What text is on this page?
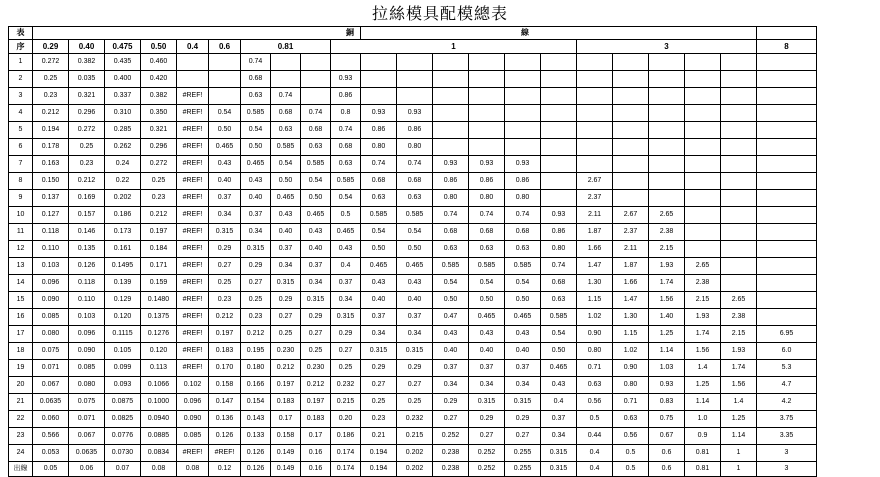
拉絲模具配模總表
表	銅										線											
序	0.29	0.40	0.475	0.50	0.4	0.6	0.81			1							3					8
1	0.272	0.382	0.435	0.460			0.74															
2	0.25	0.035	0.400	0.420			0.68			0.93												
3	0.23	0.321	0.337	0.382	#REF!		0.63	0.74		0.86												
4	0.212	0.296	0.310	0.350	#REF!	0.54	0.585	0.68	0.74	0.8	0.93	0.93										
5	0.194	0.272	0.285	0.321	#REF!	0.50	0.54	0.63	0.68	0.74	0.86	0.86										
6	0.178	0.25	0.262	0.296	#REF!	0.465	0.50	0.585	0.63	0.68	0.80	0.80										
7	0.163	0.23	0.24	0.272	#REF!	0.43	0.465	0.54	0.585	0.63	0.74	0.74	0.93	0.93	0.93							
8	0.150	0.212	0.22	0.25	#REF!	0.40	0.43	0.50	0.54	0.585	0.68	0.68	0.86	0.86	0.86		2.67					
9	0.137	0.169	0.202	0.23	#REF!	0.37	0.40	0.465	0.50	0.54	0.63	0.63	0.80	0.80	0.80		2.37					
10	0.127	0.157	0.186	0.212	#REF!	0.34	0.37	0.43	0.465	0.5	0.585	0.585	0.74	0.74	0.74	0.93	2.11	2.67	2.65			
11	0.118	0.146	0.173	0.197	#REF!	0.315	0.34	0.40	0.43	0.465	0.54	0.54	0.68	0.68	0.68	0.86	1.87	2.37	2.38			
12	0.110	0.135	0.161	0.184	#REF!	0.29	0.315	0.37	0.40	0.43	0.50	0.50	0.63	0.63	0.63	0.80	1.66	2.11	2.15			
13	0.103	0.126	0.1495	0.171	#REF!	0.27	0.29	0.34	0.37	0.4	0.465	0.465	0.585	0.585	0.585	0.74	1.47	1.87	1.93	2.65		
14	0.096	0.118	0.139	0.159	#REF!	0.25	0.27	0.315	0.34	0.37	0.43	0.43	0.54	0.54	0.54	0.68	1.30	1.66	1.74	2.38		
15	0.090	0.110	0.129	0.1480	#REF!	0.23	0.25	0.29	0.315	0.34	0.40	0.40	0.50	0.50	0.50	0.63	1.15	1.47	1.56	2.15	2.65	
16	0.085	0.103	0.120	0.1375	#REF!	0.212	0.23	0.27	0.29	0.315	0.37	0.37	0.47	0.465	0.465	0.585	1.02	1.30	1.40	1.93	2.38	
17	0.080	0.096	0.1115	0.1276	#REF!	0.197	0.212	0.25	0.27	0.29	0.34	0.34	0.43	0.43	0.43	0.54	0.90	1.15	1.25	1.74	2.15	6.95
18	0.075	0.090	0.105	0.120	#REF!	0.183	0.195	0.230	0.25	0.27	0.315	0.315	0.40	0.40	0.40	0.50	0.80	1.02	1.14	1.56	1.93	6.0
19	0.071	0.085	0.099	0.113	#REF!	0.170	0.180	0.212	0.230	0.25	0.29	0.29	0.37	0.37	0.37	0.465	0.71	0.90	1.03	1.4	1.74	5.3
20	0.067	0.080	0.093	0.1066	0.102	0.158	0.166	0.197	0.212	0.232	0.27	0.27	0.34	0.34	0.34	0.43	0.63	0.80	0.93	1.25	1.56	4.7
21	0.0635	0.075	0.0875	0.1000	0.096	0.147	0.154	0.183	0.197	0.215	0.25	0.25	0.29	0.315	0.315	0.4	0.56	0.71	0.83	1.14	1.4	4.2
22	0.060	0.071	0.0825	0.0940	0.090	0.136	0.143	0.17	0.183	0.20	0.23	0.232	0.27	0.29	0.29	0.37	0.5	0.63	0.75	1.0	1.25	3.75
23	0.566	0.067	0.0776	0.0885	0.085	0.126	0.133	0.158	0.17	0.186	0.21	0.215	0.252	0.27	0.27	0.34	0.44	0.56	0.67	0.9	1.14	3.35
24	0.053	0.0635	0.0730	0.0834	#REF!	#REF!	0.126	0.149	0.16	0.174	0.194	0.202	0.238	0.252	0.255	0.315	0.4	0.5	0.6	0.81	1	3
出線	0.05	0.06	0.07	0.08	0.08	0.12	0.126	0.149	0.16	0.174	0.194	0.202	0.238	0.252	0.255	0.315	0.4	0.5	0.6	0.81	1	3
